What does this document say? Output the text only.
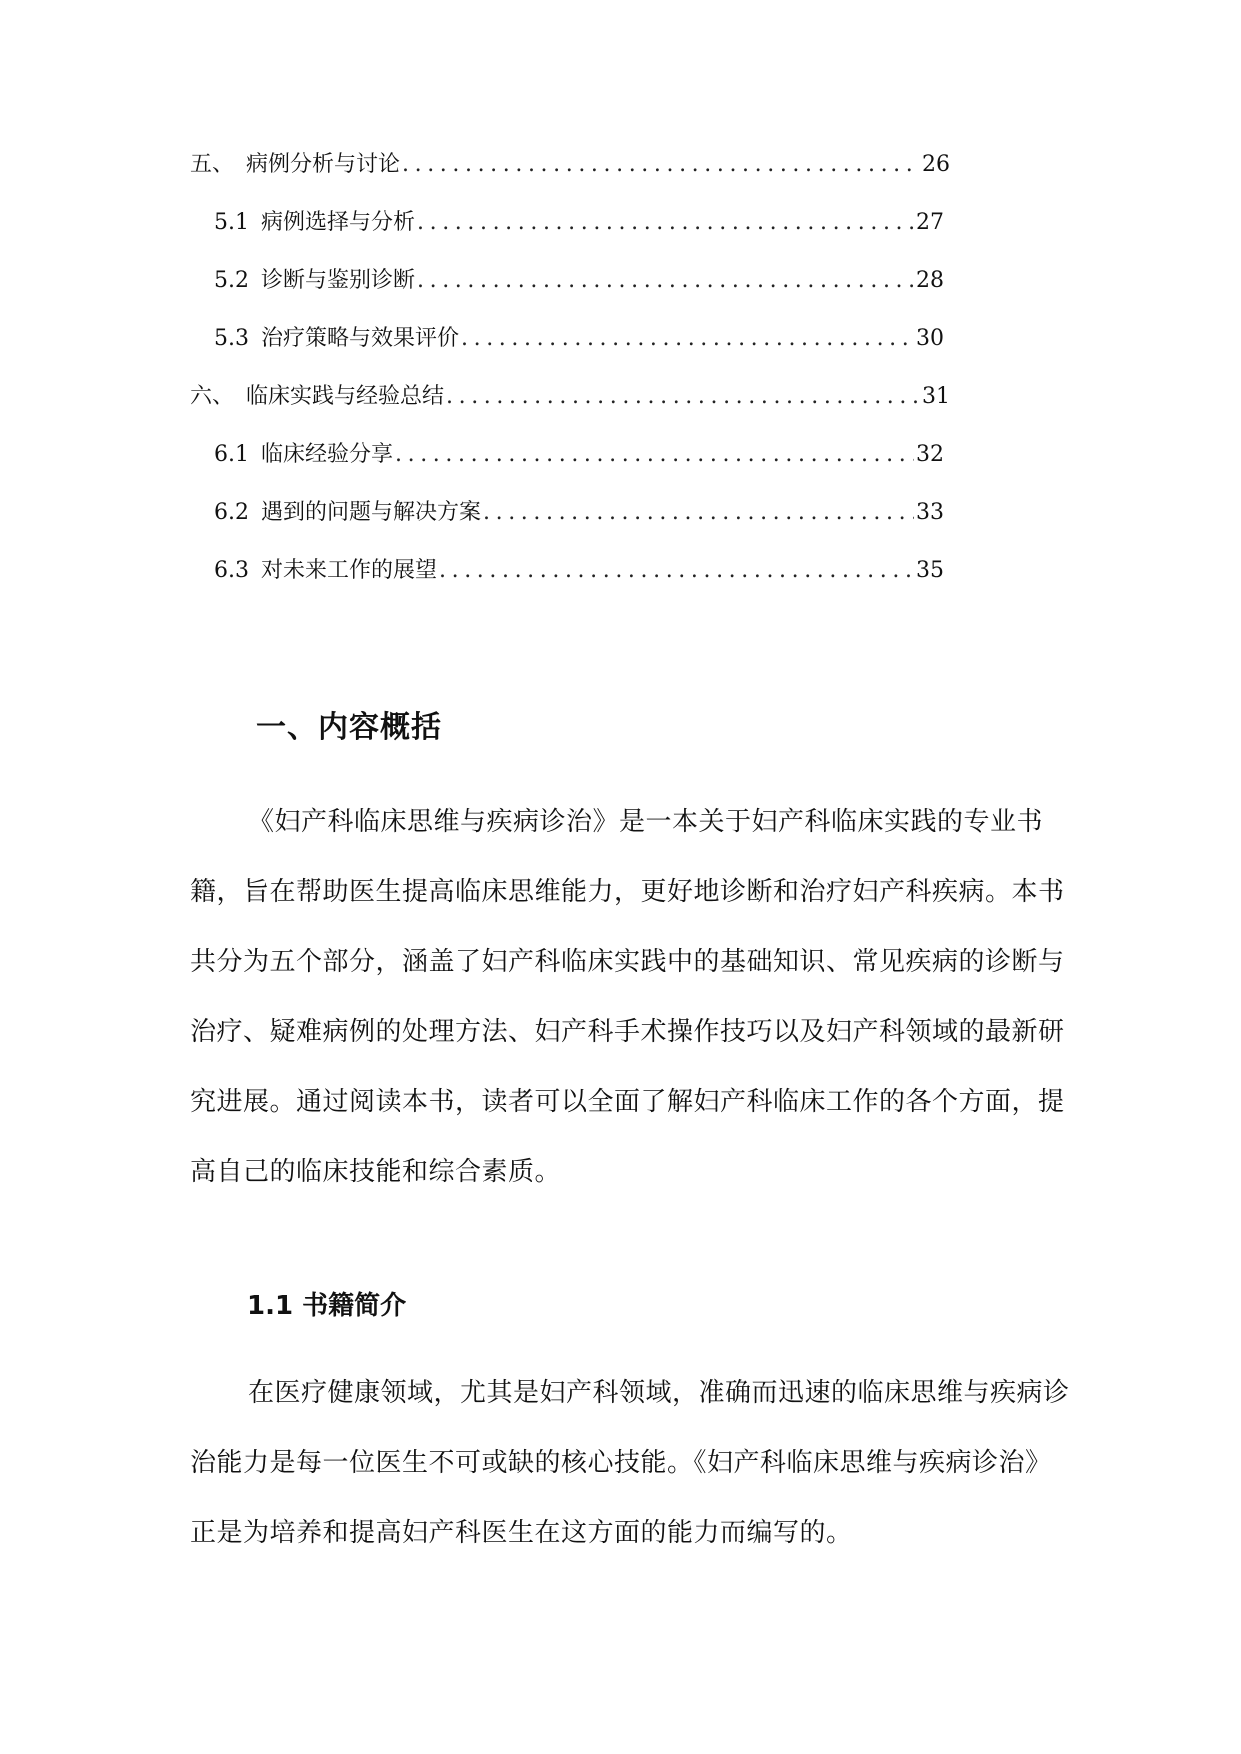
五、 病例分析与讨论 .....	26
5.1 病例选择与分析 .....	27
5.2 诊断与鉴别诊断 .....	28
5.3 治疗策略与效果评价 .....	30
六、 临床实践与经验总结 .....	31
6.1 临床经验分享 .....	32
6.2 遇到的问题与解决方案 .....	33
6.3 对未来工作的展望 .....	35
一、内容概括

《妇产科临床思维与疾病诊治》是一本关于妇产科临床实践的专业书籍，旨在帮助医生提高临床思维能力，更好地诊断和治疗妇产科疾病。本书共分为五个部分，涵盖了妇产科临床实践中的基础知识、常见疾病的诊断与治疗、疑难病例的处理方法、妇产科手术操作技巧以及妇产科领域的最新研究进展。通过阅读本书，读者可以全面了解妇产科临床工作的各个方面，提高自己的临床技能和综合素质。

1.1 书籍简介

在医疗健康领域，尤其是妇产科领域，准确而迅速的临床思维与疾病诊治能力是每一位医生不可或缺的核心技能。《妇产科临床思维与疾病诊治》正是为培养和提高妇产科医生在这方面的能力而编写的。
